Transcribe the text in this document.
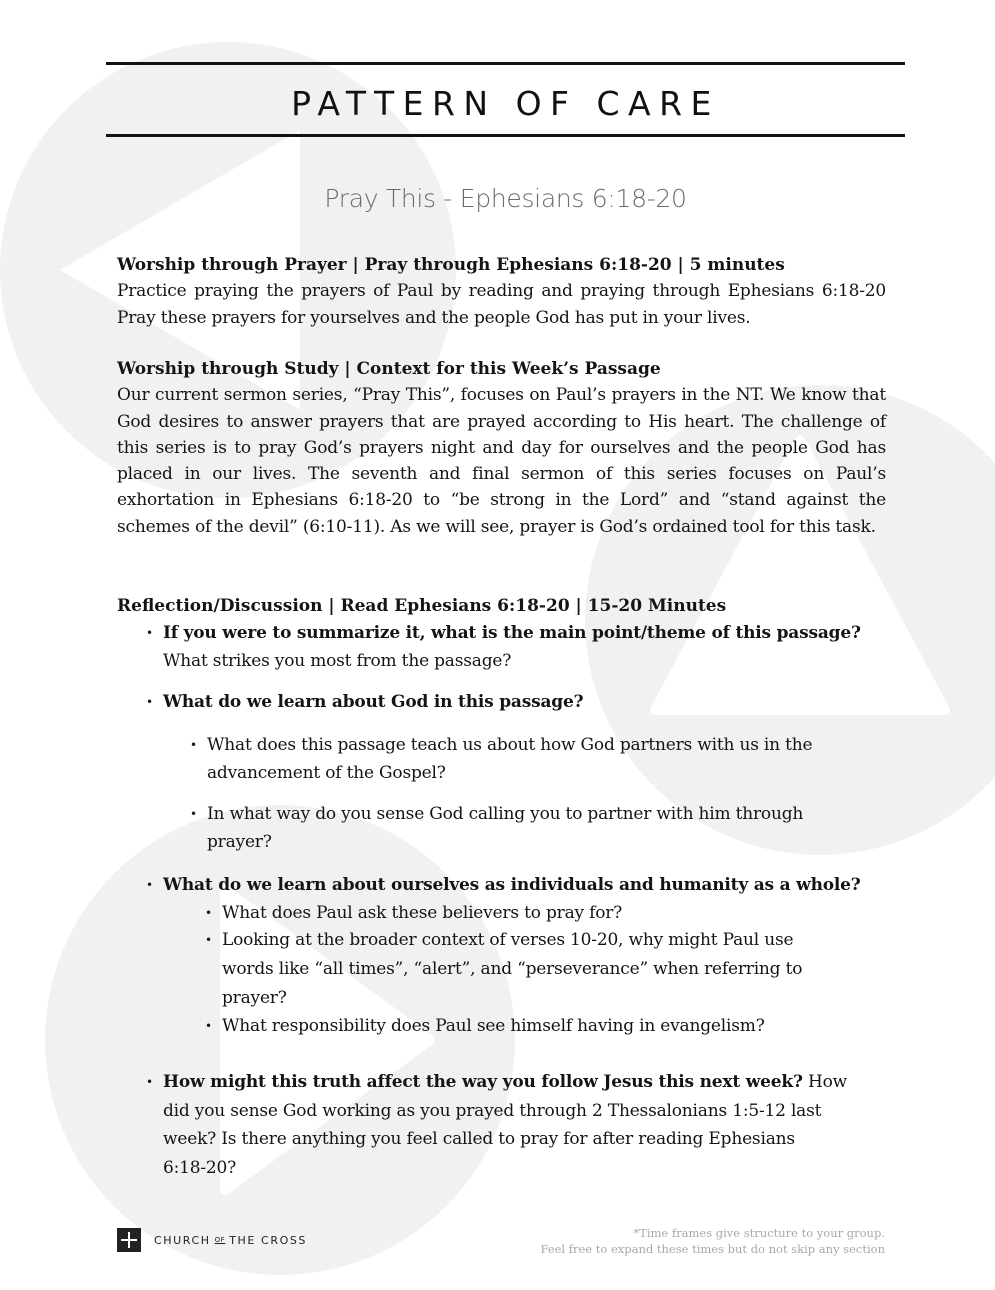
PATTERN OF CARE
Pray This - Ephesians 6:18-20
Worship through Prayer | Pray through Ephesians 6:18-20 | 5 minutes

Practice praying the prayers of Paul by reading and praying through Ephesians 6:18-20 Pray these prayers for yourselves and the people God has put in your lives.

Worship through Study | Context for this Week’s Passage

Our current sermon series, “Pray This”, focuses on Paul’s prayers in the NT. We know that God desires to answer prayers that are prayed according to His heart. The challenge of this series is to pray God’s prayers night and day for ourselves and the people God has placed in our lives. The seventh and final sermon of this series focuses on Paul’s exhortation in Ephesians 6:18-20 to “be strong in the Lord” and “stand against the schemes of the devil” (6:10-11). As we will see, prayer is God’s ordained tool for this task.

Reflection/Discussion | Read Ephesians 6:18-20 | 15-20 Minutes
• If you were to summarize it, what is the main point/theme of this passage?
What strikes you most from the passage?
• What do we learn about God in this passage?
• What does this passage teach us about how God partners with us in the
advancement of the Gospel?
• In what way do you sense God calling you to partner with him through
prayer?
• What do we learn about ourselves as individuals and humanity as a whole?
• What does Paul ask these believers to pray for?
• Looking at the broader context of verses 10-20, why might Paul use
words like “all times”, “alert”, and “perseverance” when referring to
prayer?
• What responsibility does Paul see himself having in evangelism?
• How might this truth affect the way you follow Jesus this next week? How
did you sense God working as you prayed through 2 Thessalonians 1:5-12 last
week? Is there anything you feel called to pray for after reading Ephesians
6:18-20?
CHURCH OF THE CROSS	*Time frames give structure to your group.
Feel free to expand these times but do not skip any section
